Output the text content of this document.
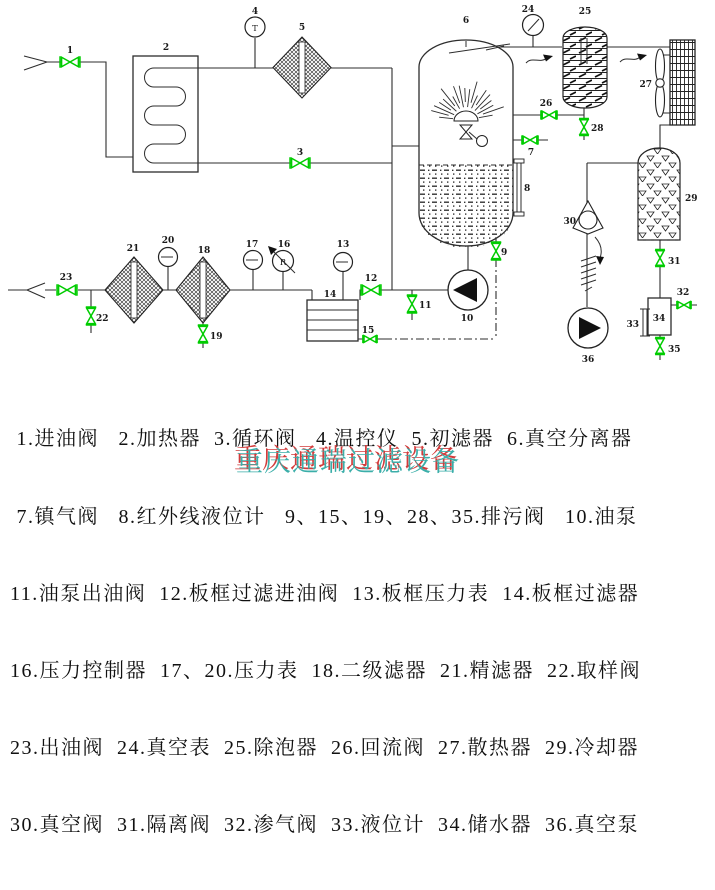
1	2
3
4
5
6
7
8
9
10
11
12
13
14
15
16
17
18
19
20
21
22
23
24	25
26
27
28
29
30
31
32
33
34
35
36
T
R

1.进油阀   2.加热器  3.循环阀   4.温控仪  5.初滤器  6.真空分离器

7.镇气阀   8.红外线液位计   9、15、19、28、35.排污阀   10.油泵

11.油泵出油阀  12.板框过滤进油阀  13.板框压力表  14.板框过滤器

16.压力控制器  17、20.压力表  18.二级滤器  21.精滤器  22.取样阀

23.出油阀  24.真空表  25.除泡器  26.回流阀  27.散热器  29.冷却器

30.真空阀  31.隔离阀  32.渗气阀  33.液位计  34.储水器  36.真空泵

重庆通瑞过滤设备
